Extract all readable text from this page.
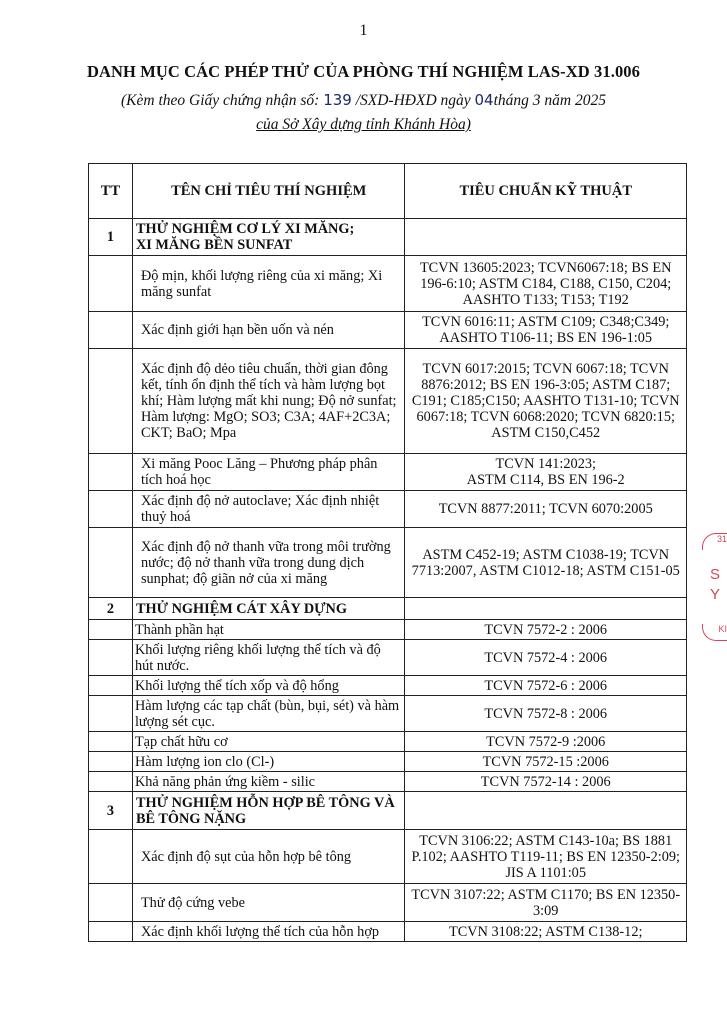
1
DANH MỤC CÁC PHÉP THỬ CỦA PHÒNG THÍ NGHIỆM LAS-XD 31.006
(Kèm theo Giấy chứng nhận số: 139 /SXD-HĐXD ngày 04tháng 3 năm 2025
của Sở Xây dựng tỉnh Khánh Hòa)
TT	TÊN CHỈ TIÊU THÍ NGHIỆM	TIÊU CHUẨN KỸ THUẬT
1	THỬ NGHIỆM CƠ LÝ XI MĂNG;
XI MĂNG BỀN SUNFAT	

	Độ mịn, khối lượng riêng của xi măng; Xi măng sunfat	TCVN 13605:2023; TCVN6067:18; BS EN 196-6:10; ASTM C184, C188, C150, C204; AASHTO T133; T153; T192
	Xác định giới hạn bền uốn và nén	TCVN 6016:11; ASTM C109; C348;C349; AASHTO T106-11; BS EN 196-1:05

	Xác định độ dẻo tiêu chuẩn, thời gian đông kết, tính ổn định thể tích và hàm lượng bọt khí; Hàm lượng mất khi nung; Độ nở sunfat;
Hàm lượng: MgO; SO3; C3A; 4AF+2C3A; CKT; BaO; Mpa	TCVN 6017:2015; TCVN 6067:18; TCVN 8876:2012; BS EN 196-3:05; ASTM C187; C191; C185;C150; AASHTO T131-10; TCVN 6067:18; TCVN 6068:2020; TCVN 6820:15; ASTM C150,C452
	Xi măng Pooc Lăng – Phương pháp phân tích hoá học	TCVN 141:2023;
ASTM C114, BS EN 196-2

	Xác định độ nở autoclave; Xác định nhiệt thuỷ hoá	TCVN 8877:2011; TCVN 6070:2005
	Xác định độ nở thanh vữa trong môi trường nước; độ nở thanh vữa trong dung dịch sunphat; độ giãn nở của xi măng	ASTM C452-19; ASTM C1038-19; TCVN 7713:2007, ASTM C1012-18; ASTM C151-05
2	THỬ NGHIỆM CÁT XÂY DỰNG	
	Thành phần hạt	TCVN 7572-2 : 2006
	Khối lượng riêng khối lượng thể tích và độ hút nước.	TCVN 7572-4 : 2006
	Khối lượng thể tích xốp và độ hổng	TCVN 7572-6 : 2006
	Hàm lượng các tạp chất (bùn, bụi, sét) và hàm lượng sét cục.	TCVN 7572-8 : 2006
	Tạp chất hữu cơ	TCVN 7572-9 :2006
	Hàm lượng ion clo (Cl-)	TCVN 7572-15 :2006
	Khả năng phản ứng kiềm - silic	TCVN 7572-14 : 2006
3	THỬ NGHIỆM HỖN HỢP BÊ TÔNG VÀ
BÊ TÔNG NẶNG	

	Xác định độ sụt của hỗn hợp bê tông	TCVN 3106:22; ASTM C143-10a; BS 1881 P.102; AASHTO T119-11; BS EN 12350-2:09; JIS A 1101:05
	Thử độ cứng vebe	TCVN 3107:22; ASTM C1170; BS EN 12350-3:09
	Xác định khối lượng thể tích của hỗn hợp	TCVN 3108:22; ASTM C138-12;
31
S
Y
KI
